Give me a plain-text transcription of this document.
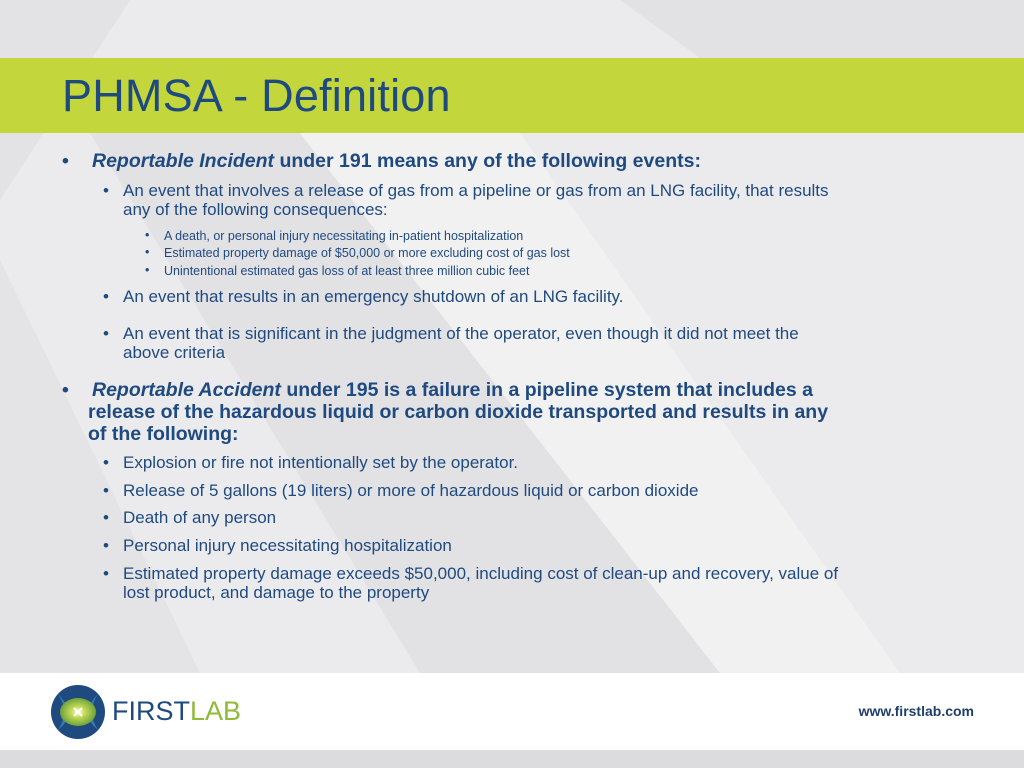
PHMSA - Definition
• Reportable Incident under 191 means any of the following events:
• An event that involves a release of gas from a pipeline or gas from an LNG facility, that results
any of the following consequences:
• A death, or personal injury necessitating in-patient hospitalization
• Estimated property damage of $50,000 or more excluding cost of gas lost
• Unintentional estimated gas loss of at least three million cubic feet
• An event that results in an emergency shutdown of an LNG facility.
• An event that is significant in the judgment of the operator, even though it did not meet the
above criteria
• Reportable Accident under 195 is a failure in a pipeline system that includes a
release of the hazardous liquid or carbon dioxide transported and results in any
of the following:
• Explosion or fire not intentionally set by the operator.
• Release of 5 gallons (19 liters) or more of hazardous liquid or carbon dioxide
• Death of any person
• Personal injury necessitating hospitalization
• Estimated property damage exceeds $50,000, including cost of clean-up and recovery, value of
lost product, and damage to the property
FIRSTLAB	www.firstlab.com
